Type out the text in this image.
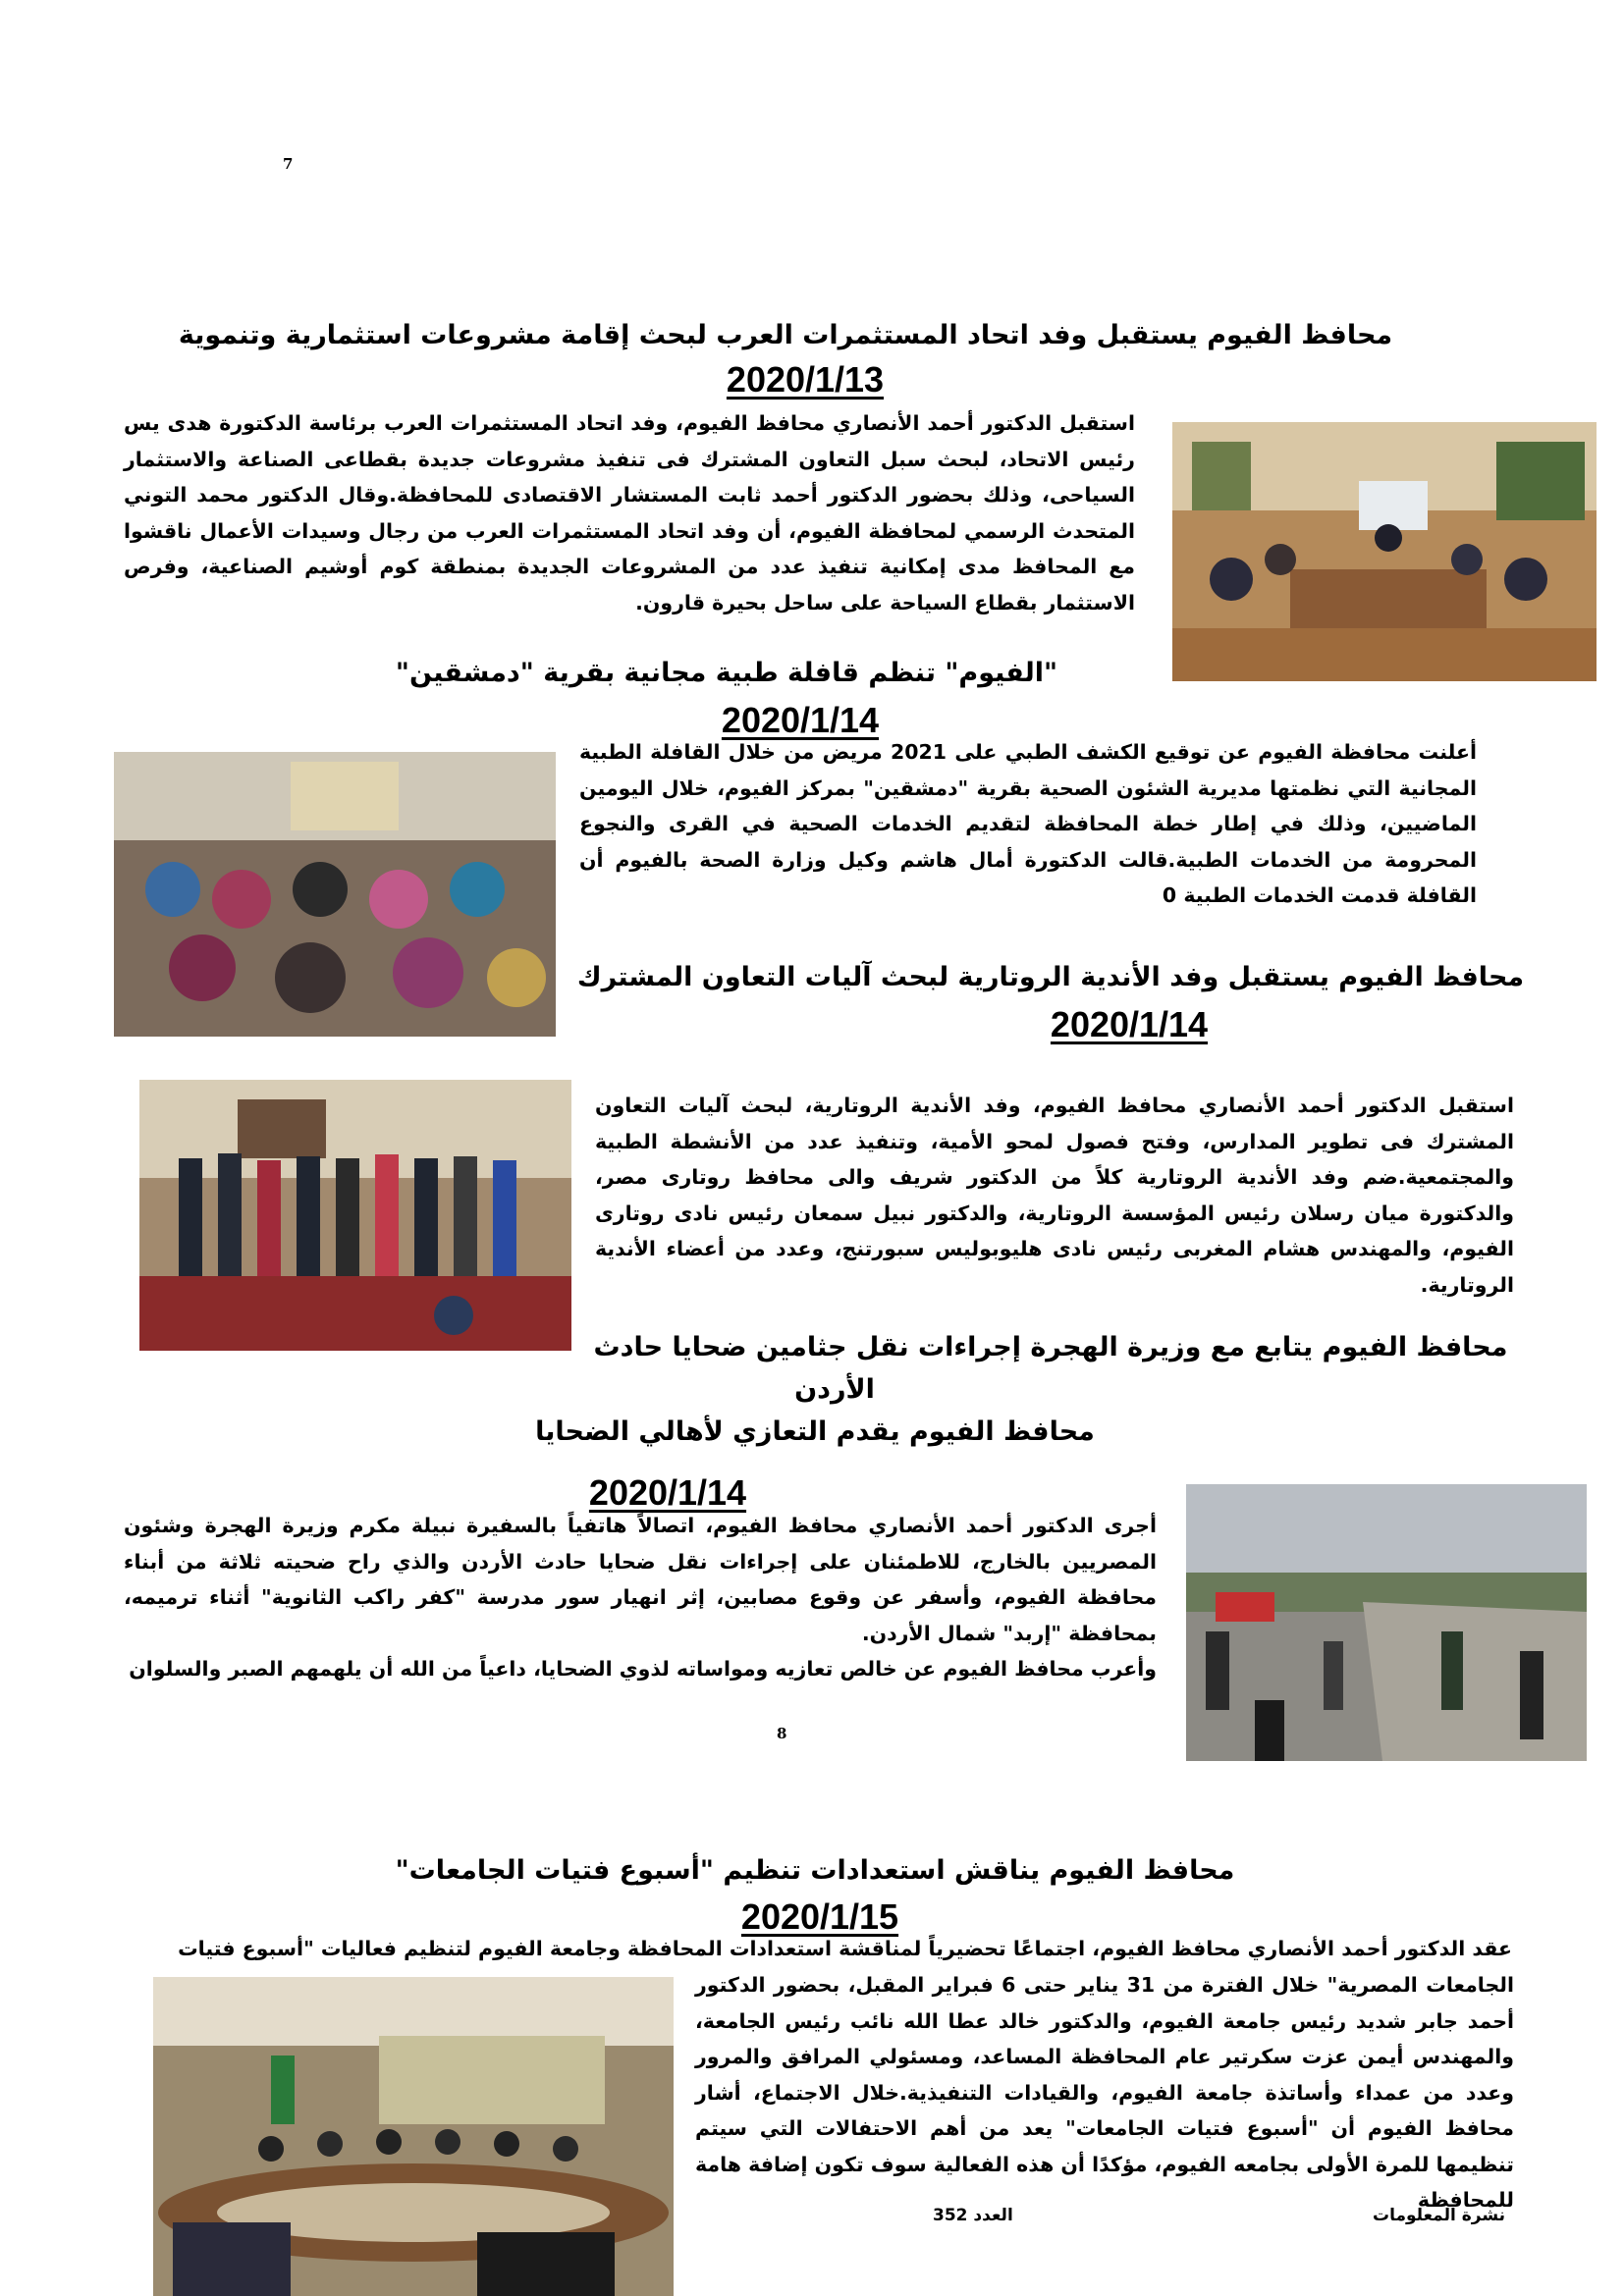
7
محافظ الفيوم يستقبل وفد اتحاد المستثمرات العرب لبحث إقامة مشروعات استثمارية وتنموية
2020/1/13

استقبل الدكتور أحمد الأنصاري محافظ الفيوم، وفد اتحاد المستثمرات العرب برئاسة الدكتورة هدى يس رئيس الاتحاد، لبحث سبل التعاون المشترك فى تنفيذ مشروعات جديدة بقطاعى الصناعة والاستثمار السياحى، وذلك بحضور الدكتور أحمد ثابت المستشار الاقتصادى للمحافظة.وقال الدكتور محمد التوني المتحدث الرسمي لمحافظة الفيوم، أن وفد اتحاد المستثمرات العرب من رجال وسيدات الأعمال ناقشوا مع المحافظ مدى إمكانية تنفيذ عدد من المشروعات الجديدة بمنطقة كوم أوشيم الصناعية، وفرص الاستثمار بقطاع السياحة على ساحل بحيرة قارون.

"الفيوم" تنظم قافلة طبية مجانية بقرية "دمشقين"
2020/1/14

أعلنت محافظة الفيوم عن توقيع الكشف الطبي على 2021 مريض من خلال القافلة الطبية المجانية التي نظمتها مديرية الشئون الصحية بقرية "دمشقين" بمركز الفيوم، خلال اليومين الماضيين، وذلك في إطار خطة المحافظة لتقديم الخدمات الصحية في القرى والنجوع المحرومة من الخدمات الطبية.قالت الدكتورة أمال هاشم وكيل وزارة الصحة بالفيوم أن القافلة قدمت الخدمات الطبية 0

محافظ الفيوم يستقبل وفد الأندية الروتارية لبحث آليات التعاون المشترك
2020/1/14

استقبل الدكتور أحمد الأنصاري محافظ الفيوم، وفد الأندية الروتارية، لبحث آليات التعاون المشترك فى تطوير المدارس، وفتح فصول لمحو الأمية، وتنفيذ عدد من الأنشطة الطبية والمجتمعية.ضم وفد الأندية الروتارية كلاً من الدكتور شريف والى محافظ روتارى مصر، والدكتورة ميان رسلان رئيس المؤسسة الروتارية، والدكتور نبيل سمعان رئيس نادى روتارى الفيوم، والمهندس هشام المغربى رئيس نادى هليوبوليس سبورتنج، وعدد من أعضاء الأندية الروتارية.

محافظ الفيوم يتابع مع وزيرة الهجرة إجراءات نقل جثامين ضحايا حادث
الأردن
محافظ الفيوم يقدم التعازي لأهالي الضحايا
2020/1/14

أجرى الدكتور أحمد الأنصاري محافظ الفيوم، اتصالاً هاتفياً بالسفيرة نبيلة مكرم وزيرة الهجرة وشئون المصريين بالخارج، للاطمئنان على إجراءات نقل ضحايا حادث الأردن والذي راح ضحيته ثلاثة من أبناء محافظة الفيوم، وأسفر عن وقوع مصابين، إثر انهيار سور مدرسة "كفر راكب الثانوية" أثناء ترميمه، بمحافظة "إربد" شمال الأردن.

وأعرب محافظ الفيوم عن خالص تعازيه ومواساته لذوي الضحايا، داعياً من الله أن يلهمهم الصبر والسلوان

8
محافظ الفيوم يناقش استعدادات تنظيم "أسبوع فتيات الجامعات"
2020/1/15

عقد الدكتور أحمد الأنصاري محافظ الفيوم، اجتماعًا تحضيرياً لمناقشة استعدادات المحافظة وجامعة الفيوم لتنظيم فعاليات "أسبوع فتيات

الجامعات المصرية" خلال الفترة من 31 يناير حتى 6 فبراير المقبل، بحضور الدكتور أحمد جابر شديد رئيس جامعة الفيوم، والدكتور خالد عطا الله نائب رئيس الجامعة، والمهندس أيمن عزت سكرتير عام المحافظة المساعد، ومسئولي المرافق والمرور وعدد من عمداء وأساتذة جامعة الفيوم، والقيادات التنفيذية.خلال الاجتماع، أشار محافظ الفيوم أن "أسبوع فتيات الجامعات" يعد من أهم الاحتفالات التي سيتم تنظيمها للمرة الأولى بجامعه الفيوم، مؤكدًا أن هذه الفعالية سوف تكون إضافة هامة للمحافظة

نشرة المعلومات
العدد 352
